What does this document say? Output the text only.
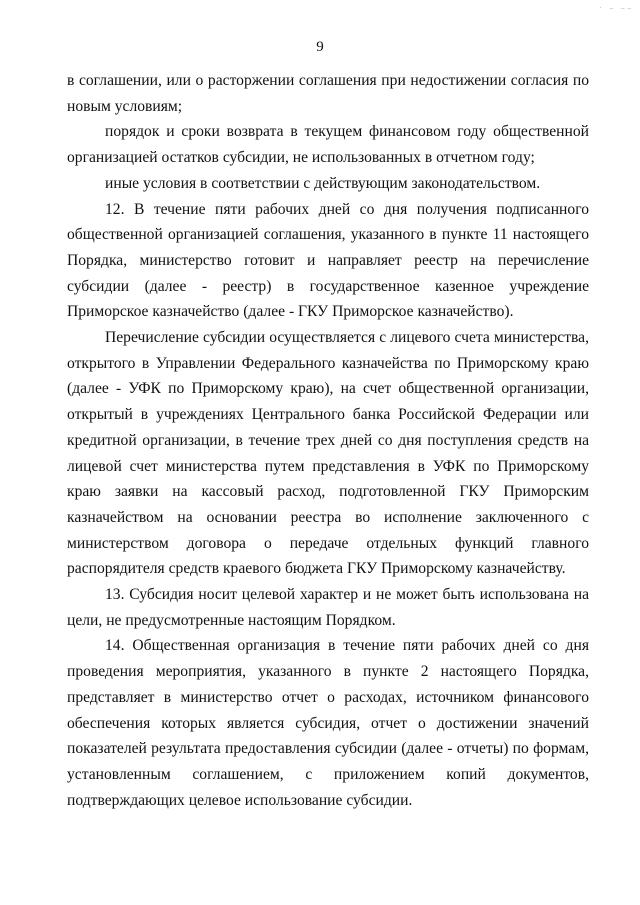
· ‒ ‒‒
9

в соглашении, или о расторжении соглашения при недостижении согласия по новым условиям;

порядок и сроки возврата в текущем финансовом году общественной организацией остатков субсидии, не использованных в отчетном году;

иные условия в соответствии с действующим законодательством.

12. В течение пяти рабочих дней со дня получения подписанного общественной организацией соглашения, указанного в пункте 11 настоящего Порядка, министерство готовит и направляет реестр на перечисление субсидии (далее - реестр) в государственное казенное учреждение Приморское казначейство (далее - ГКУ Приморское казначейство).

Перечисление субсидии осуществляется с лицевого счета министерства, открытого в Управлении Федерального казначейства по Приморскому краю (далее - УФК по Приморскому краю), на счет общественной организации, открытый в учреждениях Центрального банка Российской Федерации или кредитной организации, в течение трех дней со дня поступления средств на лицевой счет министерства путем представления в УФК по Приморскому краю заявки на кассовый расход, подготовленной ГКУ Приморским казначейством на основании реестра во исполнение заключенного с министерством договора о передаче отдельных функций главного распорядителя средств краевого бюджета ГКУ Приморскому казначейству.

13. Субсидия носит целевой характер и не может быть использована на цели, не предусмотренные настоящим Порядком.

14. Общественная организация в течение пяти рабочих дней со дня проведения мероприятия, указанного в пункте 2 настоящего Порядка, представляет в министерство отчет о расходах, источником финансового обеспечения которых является субсидия, отчет о достижении значений показателей результата предоставления субсидии (далее - отчеты) по формам, установленным соглашением, с приложением копий документов, подтверждающих целевое использование субсидии.
